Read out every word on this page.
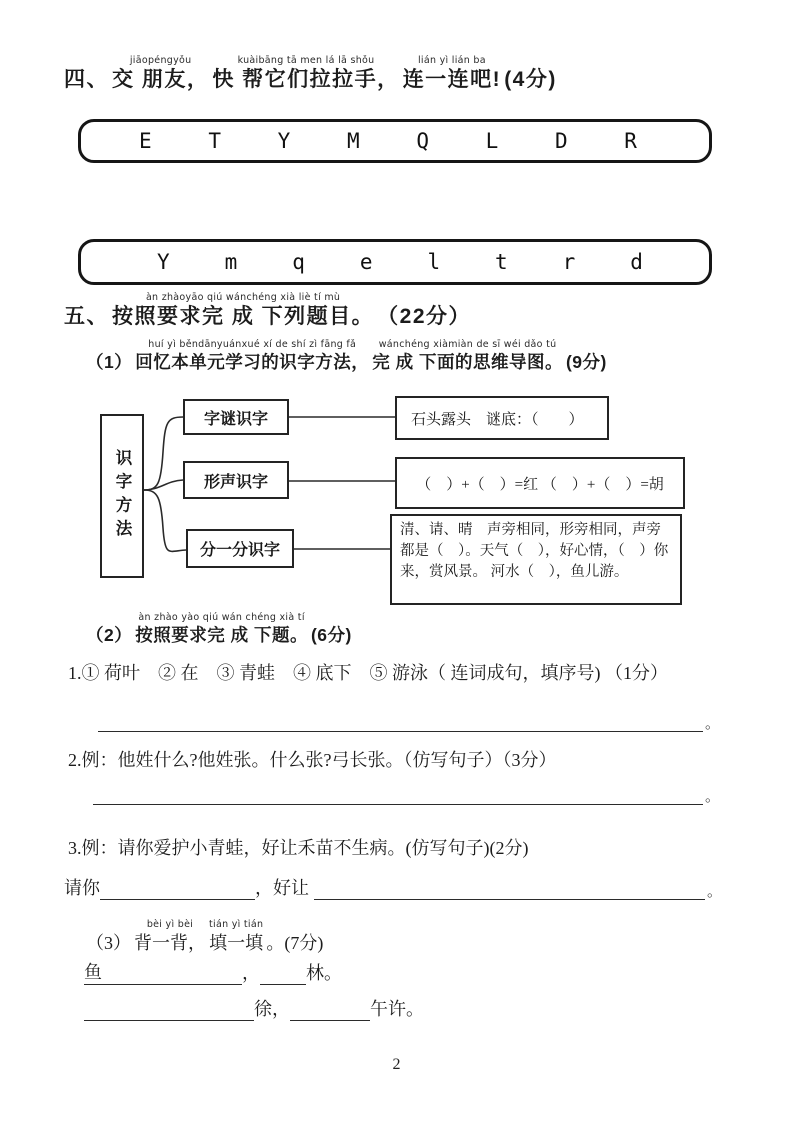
四、
jiāopéngyǒu
交 朋友，
kuàibāng tā men lá lā shǒu
快 帮它们拉拉手，
lián yì lián ba
连一连吧! (4分)
E	T	Y	M	Q	L	D	R
Y	m	q	e	l	t	r	d
五、
àn zhàoyāo qiú wánchéng xià liè tí mù
按照要求完 成 下列题目。 （22分）
（1）
huí yì běndānyuánxué xí de shí zì fāng fǎ
回忆本单元学习的识字方法，
wánchéng xiàmiàn de sī wéi dǎo tú
完 成 下面的思维导图。 (9分)
识字方法
字谜识字
形声识字
分一分识字
石头露头　谜底：（　　）
（　）+（　）=红 （　）+（　）=胡
清、请、晴　声旁相同，形旁相同，声旁都是（　）。天气（　），好心情，（　）你来，赏风景。 河水（　），鱼儿游。
（2）
àn zhào yào qiú wán chéng xià tí
按照要求完 成 下题。 (6分)
1.① 荷叶　② 在　③ 青蛙　④ 底下　⑤ 游泳（ 连词成句，填序号) （1分）
。
2.例：他姓什么?他姓张。什么张?弓长张。（仿写句子）（3分）
。
3.例：请你爱护小青蛙，好让禾苗不生病。(仿写句子)(2分)
请你	，好让	。
（3）
bèi yì bèi
背一背，
tián yì tián
填一填 。(7分)
鱼	，	林。
徐，	午许。
2
